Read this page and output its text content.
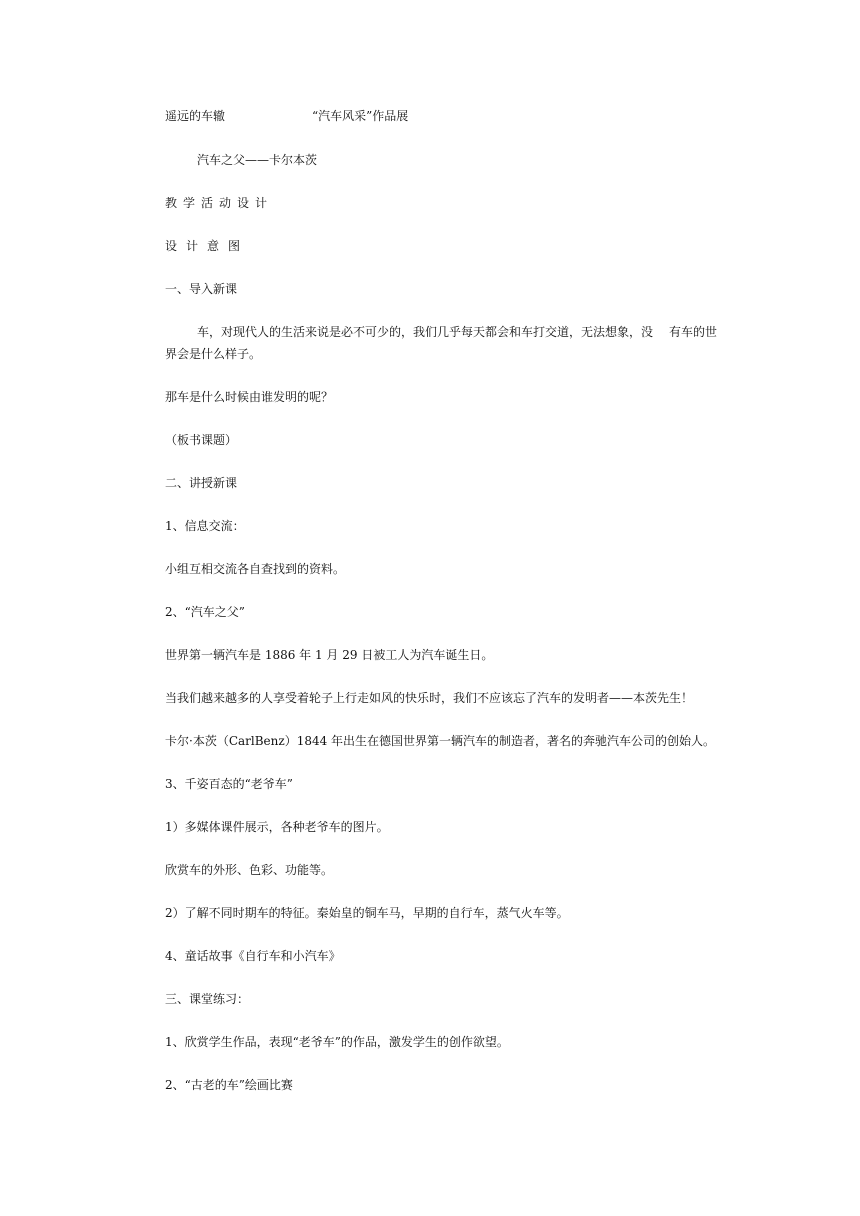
遥远的车辙	“汽车风采”作品展
汽车之父——卡尔本茨
教学活动设计
设计意图
一、导入新课
车，对现代人的生活来说是必不可少的，我们几乎每天都会和车打交道，无法想象，没 有车的世
界会是什么样子。
那车是什么时候由谁发明的呢？
（板书课题）
二、讲授新课
1、信息交流：
小组互相交流各自查找到的资料。
2、“汽车之父”
世界第一辆汽车是 1886 年 1 月 29 日被工人为汽车诞生日。
当我们越来越多的人享受着轮子上行走如风的快乐时，我们不应该忘了汽车的发明者——本茨先生！
卡尔·本茨（CarlBenz）1844 年出生在德国世界第一辆汽车的制造者，著名的奔驰汽车公司的创始人。
3、千姿百态的“老爷车”
1）多媒体课件展示，各种老爷车的图片。
欣赏车的外形、色彩、功能等。
2）了解不同时期车的特征。秦始皇的铜车马，早期的自行车，蒸气火车等。
4、童话故事《自行车和小汽车》
三、课堂练习：
1、欣赏学生作品，表现“老爷车”的作品，激发学生的创作欲望。
2、“古老的车”绘画比赛
